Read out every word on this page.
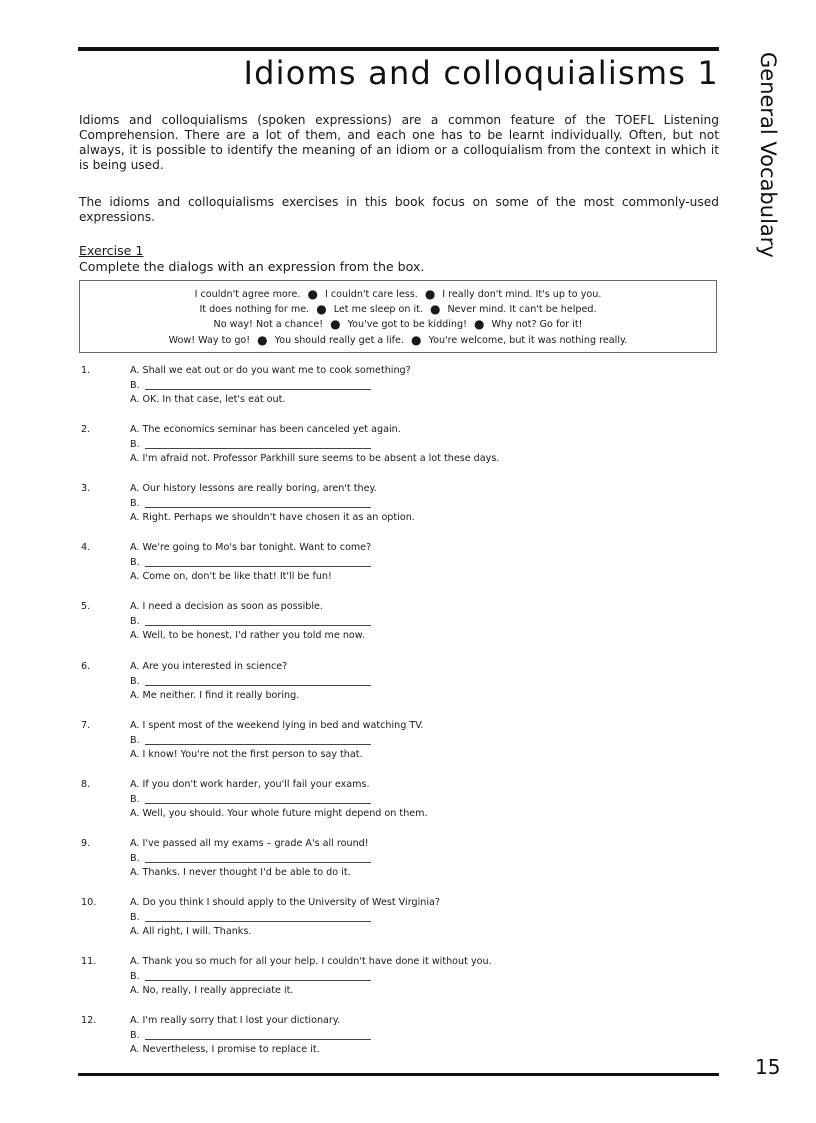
Idioms and colloquialisms 1 General Vocabulary

Idioms and colloquialisms (spoken expressions) are a common feature of the TOEFL Listening Comprehension. There are a lot of them, and each one has to be learnt individually. Often, but not always, it is possible to identify the meaning of an idiom or a colloquialism from the context in which it is being used.

The idioms and colloquialisms exercises in this book focus on some of the most commonly-used expressions.

Exercise 1
Complete the dialogs with an expression from the box.
I couldn't agree more. ● I couldn't care less. ● I really don't mind. It's up to you.
It does nothing for me. ● Let me sleep on it. ● Never mind. It can't be helped.
No way! Not a chance! ● You've got to be kidding! ● Why not? Go for it!
Wow! Way to go! ● You should really get a life. ● You're welcome, but it was nothing really.
1.	A. Shall we eat out or do you want me to cook something?
B.
A. OK. In that case, let's eat out.
2.	A. The economics seminar has been canceled yet again.
B.
A. I'm afraid not. Professor Parkhill sure seems to be absent a lot these days.
3.	A. Our history lessons are really boring, aren't they.
B.
A. Right. Perhaps we shouldn't have chosen it as an option.
4.	A. We're going to Mo's bar tonight. Want to come?
B.
A. Come on, don't be like that! It'll be fun!
5.	A. I need a decision as soon as possible.
B.
A. Well, to be honest, I'd rather you told me now.
6.	A. Are you interested in science?
B.
A. Me neither. I find it really boring.
7.	A. I spent most of the weekend lying in bed and watching TV.
B.
A. I know! You're not the first person to say that.
8.	A. If you don't work harder, you'll fail your exams.
B.
A. Well, you should. Your whole future might depend on them.
9.	A. I've passed all my exams – grade A's all round!
B.
A. Thanks. I never thought I'd be able to do it.
10.	A. Do you think I should apply to the University of West Virginia?
B.
A. All right, I will. Thanks.
11.	A. Thank you so much for all your help. I couldn't have done it without you.
B.
A. No, really, I really appreciate it.
12.	A. I'm really sorry that I lost your dictionary.
B.
A. Nevertheless, I promise to replace it.
15
